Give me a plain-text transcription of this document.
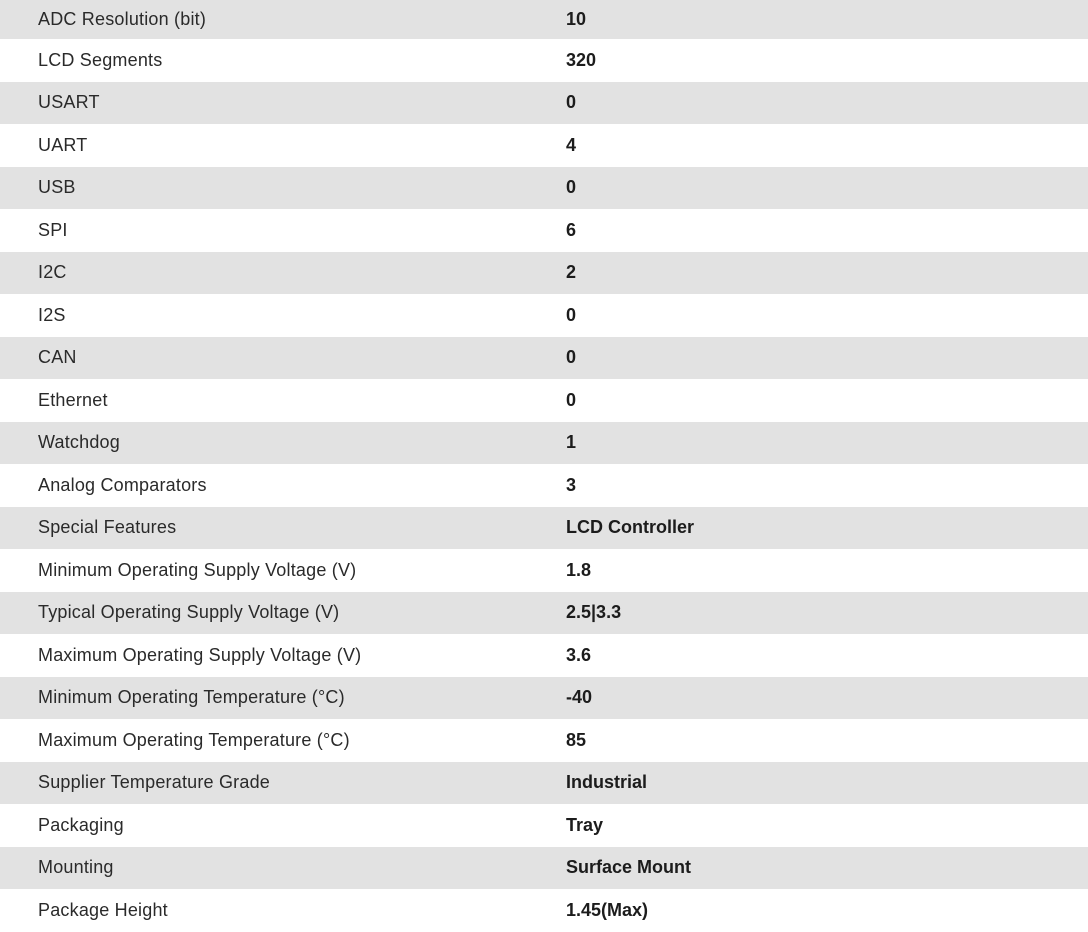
ADC Resolution (bit)	10
LCD Segments	320
USART	0
UART	4
USB	0
SPI	6
I2C	2
I2S	0
CAN	0
Ethernet	0
Watchdog	1
Analog Comparators	3
Special Features	LCD Controller
Minimum Operating Supply Voltage (V)	1.8
Typical Operating Supply Voltage (V)	2.5|3.3
Maximum Operating Supply Voltage (V)	3.6
Minimum Operating Temperature (°C)	-40
Maximum Operating Temperature (°C)	85
Supplier Temperature Grade	Industrial
Packaging	Tray
Mounting	Surface Mount
Package Height	1.45(Max)
